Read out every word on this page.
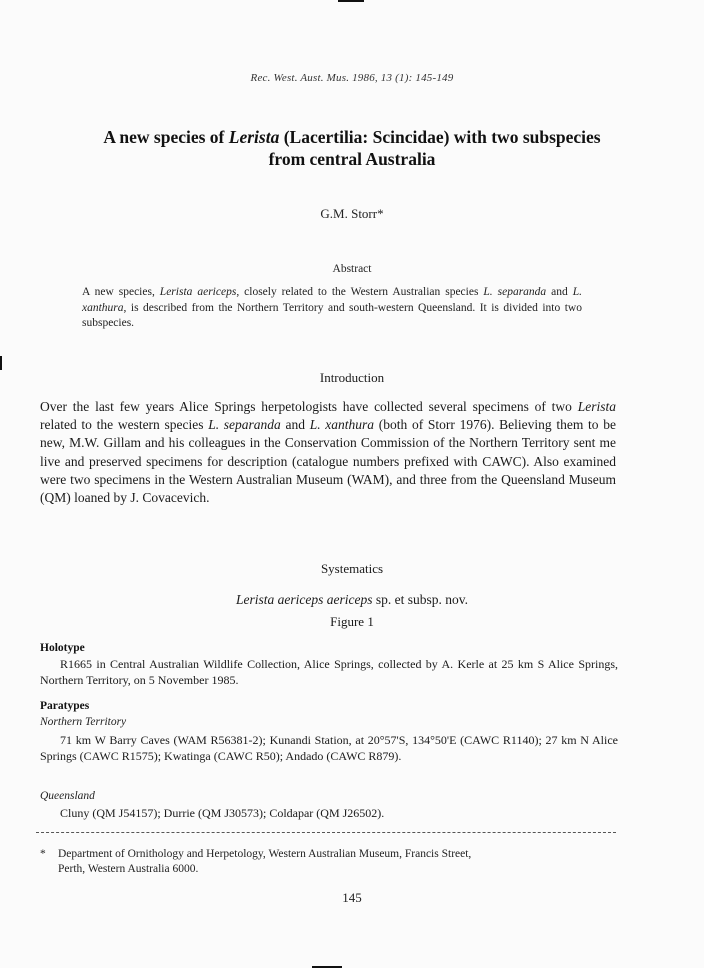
Rec. West. Aust. Mus. 1986, 13 (1): 145-149
A new species of Lerista (Lacertilia: Scincidae) with two subspecies
from central Australia
G.M. Storr*
Abstract
A new species, Lerista aericeps, closely related to the Western Australian species L. separanda and L. xanthura, is described from the Northern Territory and south-western Queensland. It is divided into two subspecies.
Introduction
Over the last few years Alice Springs herpetologists have collected several specimens of two Lerista related to the western species L. separanda and L. xanthura (both of Storr 1976). Believing them to be new, M.W. Gillam and his colleagues in the Conservation Commission of the Northern Territory sent me live and preserved specimens for description (catalogue numbers prefixed with CAWC). Also examined were two specimens in the Western Australian Museum (WAM), and three from the Queensland Museum (QM) loaned by J. Covacevich.
Systematics
Lerista aericeps aericeps sp. et subsp. nov.
Figure 1
Holotype
R1665 in Central Australian Wildlife Collection, Alice Springs, collected by A. Kerle at 25 km S Alice Springs, Northern Territory, on 5 November 1985.
Paratypes
Northern Territory
71 km W Barry Caves (WAM R56381-2); Kunandi Station, at 20°57'S, 134°50'E (CAWC R1140); 27 km N Alice Springs (CAWC R1575); Kwatinga (CAWC R50); Andado (CAWC R879).
Queensland
Cluny (QM J54157); Durrie (QM J30573); Coldapar (QM J26502).
* Department of Ornithology and Herpetology, Western Australian Museum, Francis Street,
Perth, Western Australia 6000.
145
